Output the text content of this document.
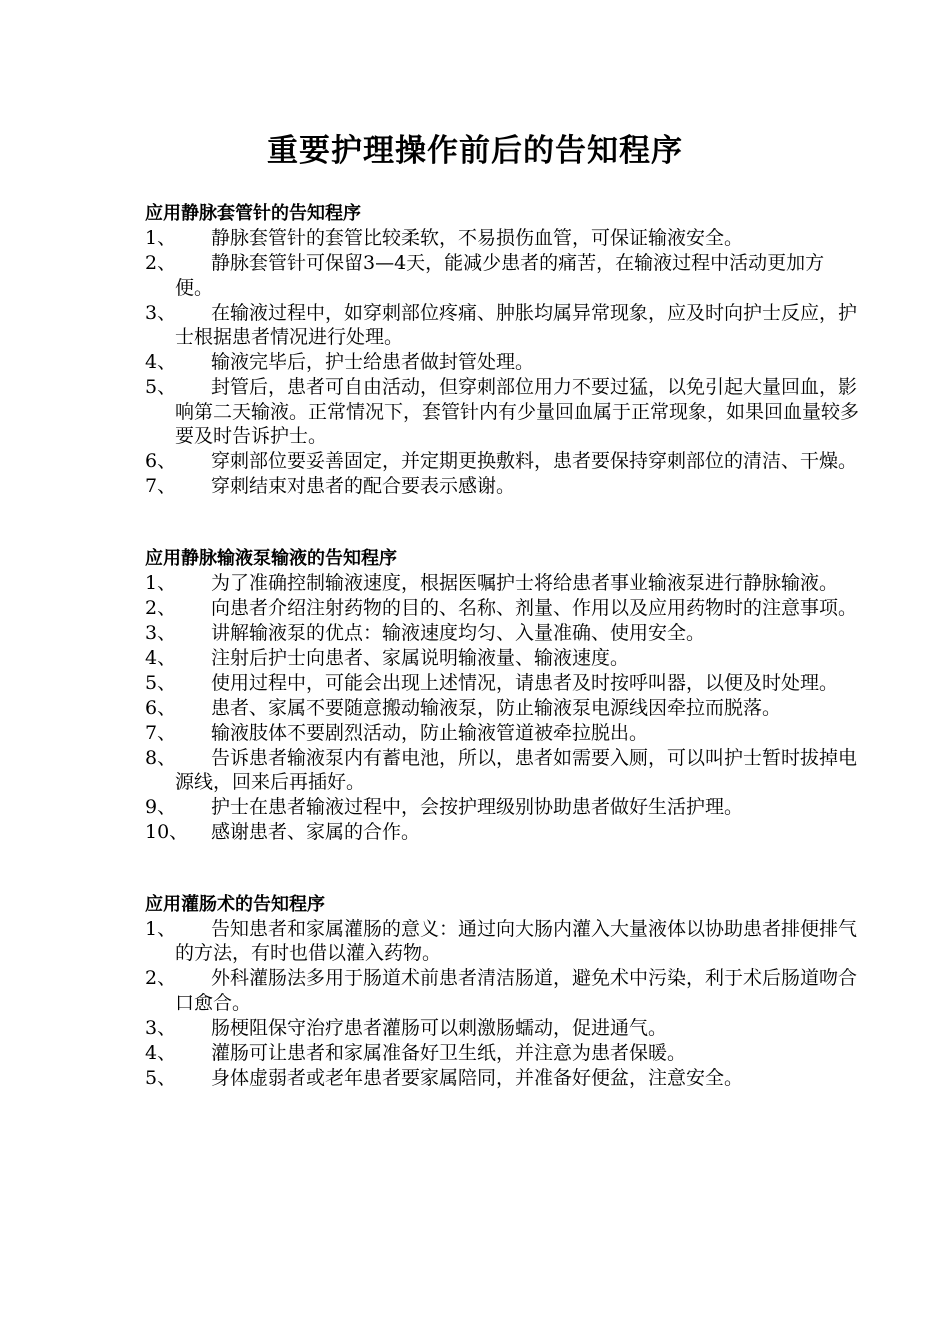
重要护理操作前后的告知程序
应用静脉套管针的告知程序
1、	静脉套管针的套管比较柔软，不易损伤血管，可保证输液安全。
2、	静脉套管针可保留3—4天，能减少患者的痛苦，在输液过程中活动更加方便。
3、	在输液过程中，如穿刺部位疼痛、肿胀均属异常现象，应及时向护士反应，护士根据患者情况进行处理。
4、	输液完毕后，护士给患者做封管处理。
5、	封管后，患者可自由活动，但穿刺部位用力不要过猛，以免引起大量回血，影响第二天输液。正常情况下，套管针内有少量回血属于正常现象，如果回血量较多要及时告诉护士。
6、	穿刺部位要妥善固定，并定期更换敷料，患者要保持穿刺部位的清洁、干燥。
7、	穿刺结束对患者的配合要表示感谢。
应用静脉输液泵输液的告知程序
1、	为了准确控制输液速度，根据医嘱护士将给患者事业输液泵进行静脉输液。
2、	向患者介绍注射药物的目的、名称、剂量、作用以及应用药物时的注意事项。
3、	讲解输液泵的优点：输液速度均匀、入量准确、使用安全。
4、	注射后护士向患者、家属说明输液量、输液速度。
5、	使用过程中，可能会出现上述情况，请患者及时按呼叫器，以便及时处理。
6、	患者、家属不要随意搬动输液泵，防止输液泵电源线因牵拉而脱落。
7、	输液肢体不要剧烈活动，防止输液管道被牵拉脱出。
8、	告诉患者输液泵内有蓄电池，所以，患者如需要入厕，可以叫护士暂时拔掉电源线，回来后再插好。
9、	护士在患者输液过程中，会按护理级别协助患者做好生活护理。
10、	感谢患者、家属的合作。
应用灌肠术的告知程序
1、	告知患者和家属灌肠的意义：通过向大肠内灌入大量液体以协助患者排便排气的方法，有时也借以灌入药物。
2、	外科灌肠法多用于肠道术前患者清洁肠道，避免术中污染，利于术后肠道吻合口愈合。
3、	肠梗阻保守治疗患者灌肠可以刺激肠蠕动，促进通气。
4、	灌肠可让患者和家属准备好卫生纸，并注意为患者保暖。
5、	身体虚弱者或老年患者要家属陪同，并准备好便盆，注意安全。
